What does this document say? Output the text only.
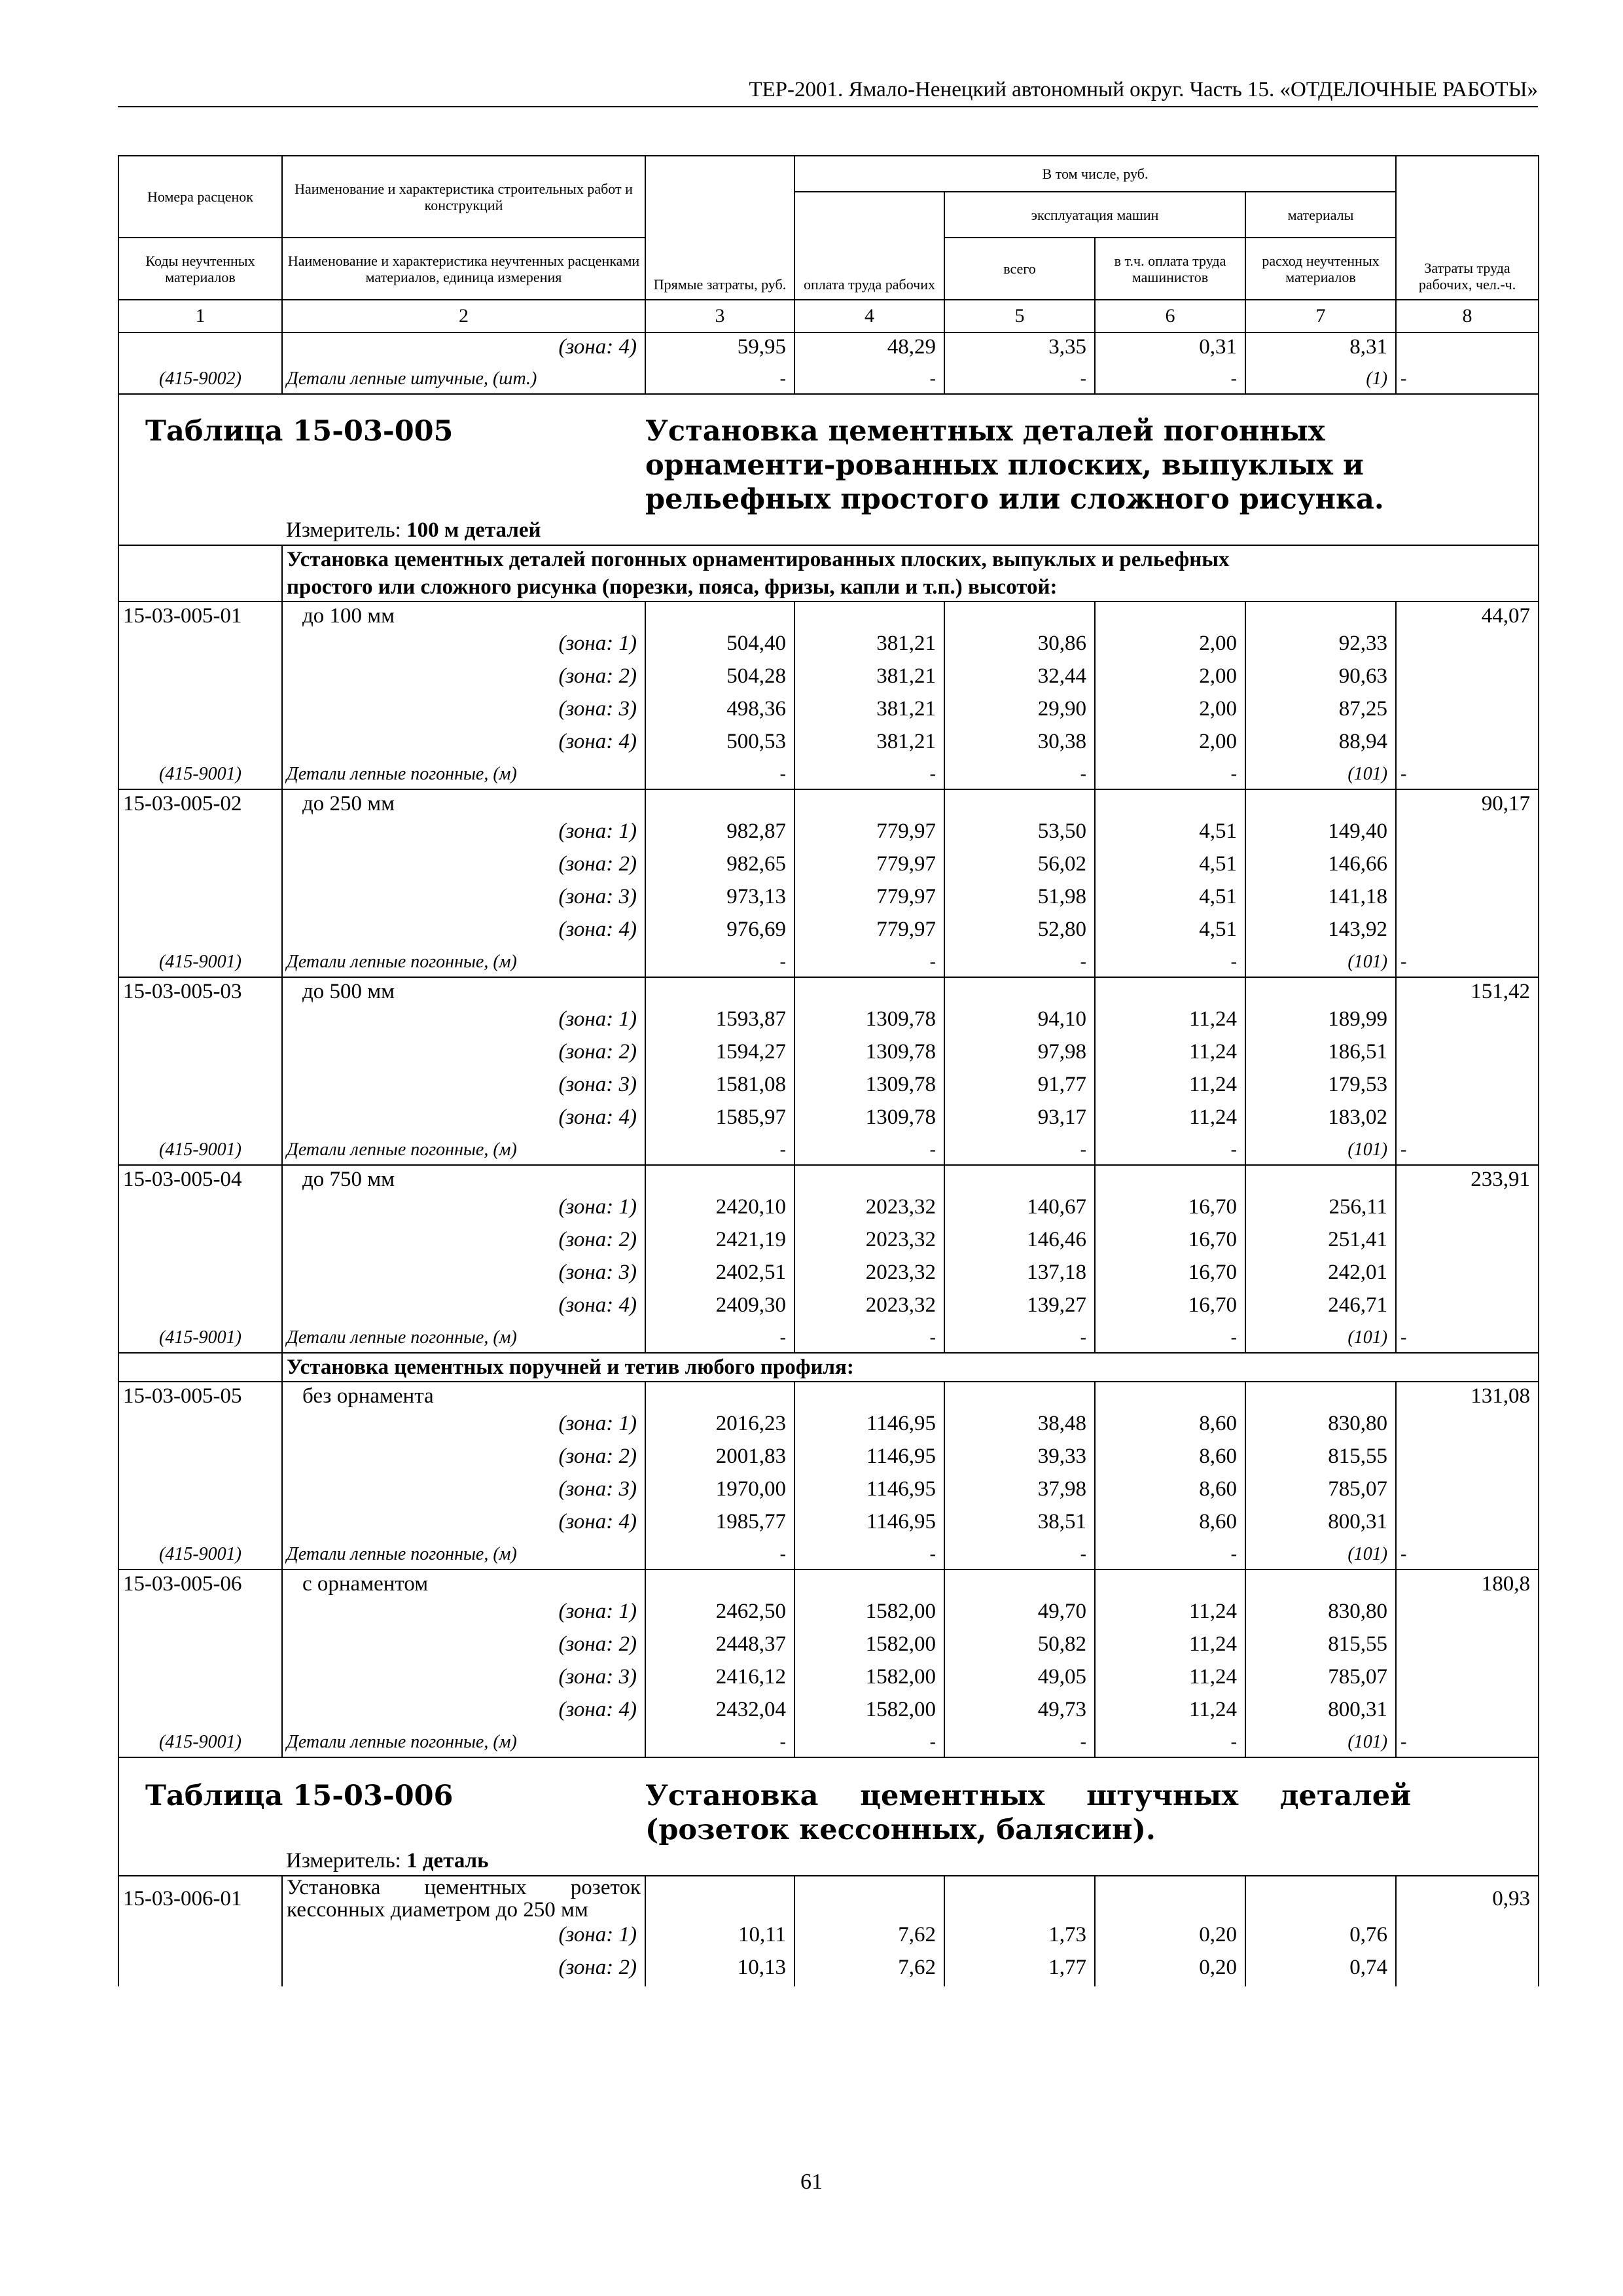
ТЕР-2001. Ямало-Ненецкий автономный округ. Часть 15. «ОТДЕЛОЧНЫЕ РАБОТЫ»
Номера расценок	Наименование и характеристика строительных работ и конструкций	Прямые затраты, руб.	В том числе, руб.				Затраты труда рабочих, чел.-ч.
			оплата труда рабочих	эксплуатация машин		материалы	
Коды неучтенных материалов	Наименование и характеристика неучтенных расценками материалов, единица измерения			всего	в т.ч. оплата труда машинистов	расход неучтенных материалов	
1	2	3	4	5	6	7	8
	(зона: 4)	59,95	48,29	3,35	0,31	8,31	
(415-9002)	Детали лепные штучные, (шт.)	-	-	-	-	(1)	-

Таблица 15-03-005			Установка цементных деталей погонных орнаменти-рованных плоских, выпуклых и рельефных простого или сложного рисунка.				

	Измеритель: 100 м деталей						
	Установка цементных деталей погонных орнаментированных плоских, выпуклых и рельефных простого или сложного рисунка (порезки, пояса, фризы, капли и т.п.) высотой:						
15-03-005-01	до 100 мм						44,07
	(зона: 1)	504,40	381,21	30,86	2,00	92,33	
	(зона: 2)	504,28	381,21	32,44	2,00	90,63	
	(зона: 3)	498,36	381,21	29,90	2,00	87,25	
	(зона: 4)	500,53	381,21	30,38	2,00	88,94	
(415-9001)	Детали лепные погонные, (м)	-	-	-	-	(101)	-
15-03-005-02	до 250 мм						90,17
	(зона: 1)	982,87	779,97	53,50	4,51	149,40	
	(зона: 2)	982,65	779,97	56,02	4,51	146,66	
	(зона: 3)	973,13	779,97	51,98	4,51	141,18	
	(зона: 4)	976,69	779,97	52,80	4,51	143,92	
(415-9001)	Детали лепные погонные, (м)	-	-	-	-	(101)	-
15-03-005-03	до 500 мм						151,42
	(зона: 1)	1593,87	1309,78	94,10	11,24	189,99	
	(зона: 2)	1594,27	1309,78	97,98	11,24	186,51	
	(зона: 3)	1581,08	1309,78	91,77	11,24	179,53	
	(зона: 4)	1585,97	1309,78	93,17	11,24	183,02	
(415-9001)	Детали лепные погонные, (м)	-	-	-	-	(101)	-
15-03-005-04	до 750 мм						233,91
	(зона: 1)	2420,10	2023,32	140,67	16,70	256,11	
	(зона: 2)	2421,19	2023,32	146,46	16,70	251,41	
	(зона: 3)	2402,51	2023,32	137,18	16,70	242,01	
	(зона: 4)	2409,30	2023,32	139,27	16,70	246,71	
(415-9001)	Детали лепные погонные, (м)	-	-	-	-	(101)	-
	Установка цементных поручней и тетив любого профиля:						
15-03-005-05	без орнамента						131,08
	(зона: 1)	2016,23	1146,95	38,48	8,60	830,80	
	(зона: 2)	2001,83	1146,95	39,33	8,60	815,55	
	(зона: 3)	1970,00	1146,95	37,98	8,60	785,07	
	(зона: 4)	1985,77	1146,95	38,51	8,60	800,31	
(415-9001)	Детали лепные погонные, (м)	-	-	-	-	(101)	-
15-03-005-06	с орнаментом						180,8
	(зона: 1)	2462,50	1582,00	49,70	11,24	830,80	
	(зона: 2)	2448,37	1582,00	50,82	11,24	815,55	
	(зона: 3)	2416,12	1582,00	49,05	11,24	785,07	
	(зона: 4)	2432,04	1582,00	49,73	11,24	800,31	
(415-9001)	Детали лепные погонные, (м)	-	-	-	-	(101)	-

Таблица 15-03-006			Установка цементных штучных деталей (розеток кессонных, балясин).				

	Измеритель: 1 деталь						
15-03-006-01	Установка цементных розеток кессонных диаметром до 250 мм						0,93
	(зона: 1)	10,11	7,62	1,73	0,20	0,76	
	(зона: 2)	10,13	7,62	1,77	0,20	0,74	
61
